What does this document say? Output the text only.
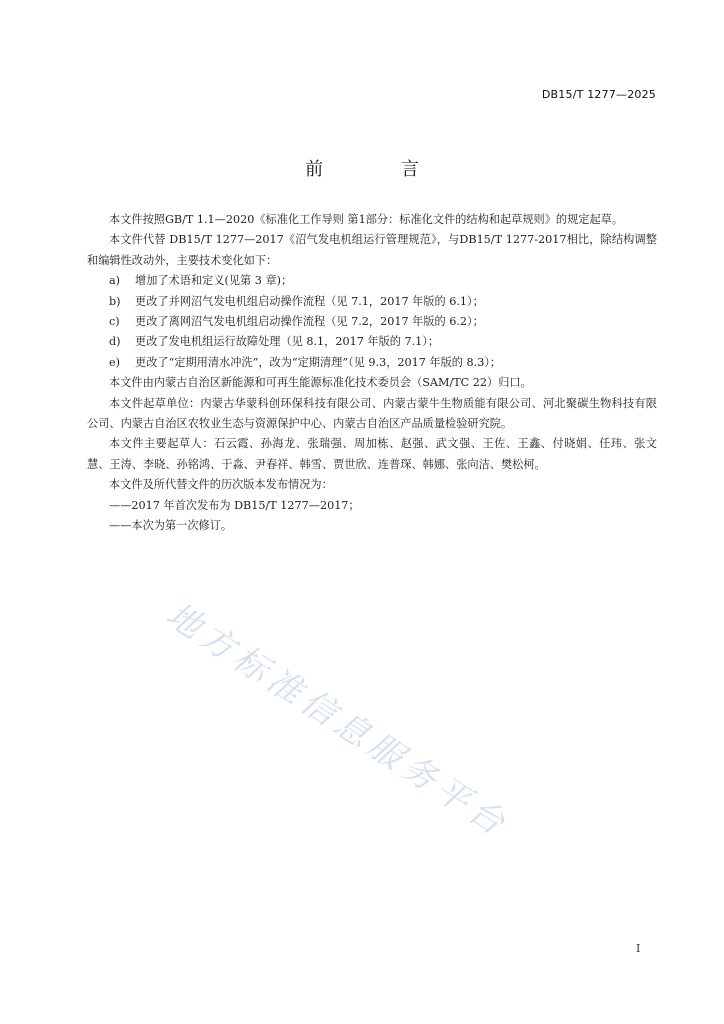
DB15/T 1277—2025
前 言

本文件按照GB/T 1.1—2020《标准化工作导则 第1部分：标准化文件的结构和起草规则》的规定起草。

本文件代替 DB15/T 1277—2017《沼气发电机组运行管理规范》，与DB15/T 1277-2017相比，除结构调整和编辑性改动外，主要技术变化如下：

a) 增加了术语和定义(见第 3 章)；

b) 更改了并网沼气发电机组启动操作流程（见 7.1，2017 年版的 6.1）；

c) 更改了离网沼气发电机组启动操作流程（见 7.2，2017 年版的 6.2）；

d) 更改了发电机组运行故障处理（见 8.1，2017 年版的 7.1）；

e) 更改了“定期用清水冲洗”，改为“定期清理”（见 9.3，2017 年版的 8.3）；

本文件由内蒙古自治区新能源和可再生能源标准化技术委员会（SAM/TC 22）归口。

本文件起草单位：内蒙古华蒙科创环保科技有限公司、内蒙古蒙牛生物质能有限公司、河北聚碳生物科技有限公司、内蒙古自治区农牧业生态与资源保护中心、内蒙古自治区产品质量检验研究院。

本文件主要起草人：石云霞、孙海龙、张瑞强、周加栋、赵强、武文强、王佐、王鑫、付晓娟、任玮、张文慧、王涛、李晓、孙铭鸿、于淼、尹春祥、韩雪、贾世欣、连普琛、韩娜、张向洁、樊松柯。

本文件及所代替文件的历次版本发布情况为：

——2017 年首次发布为 DB15/T 1277—2017；

——本次为第一次修订。

地方标准信息服务平台
I
